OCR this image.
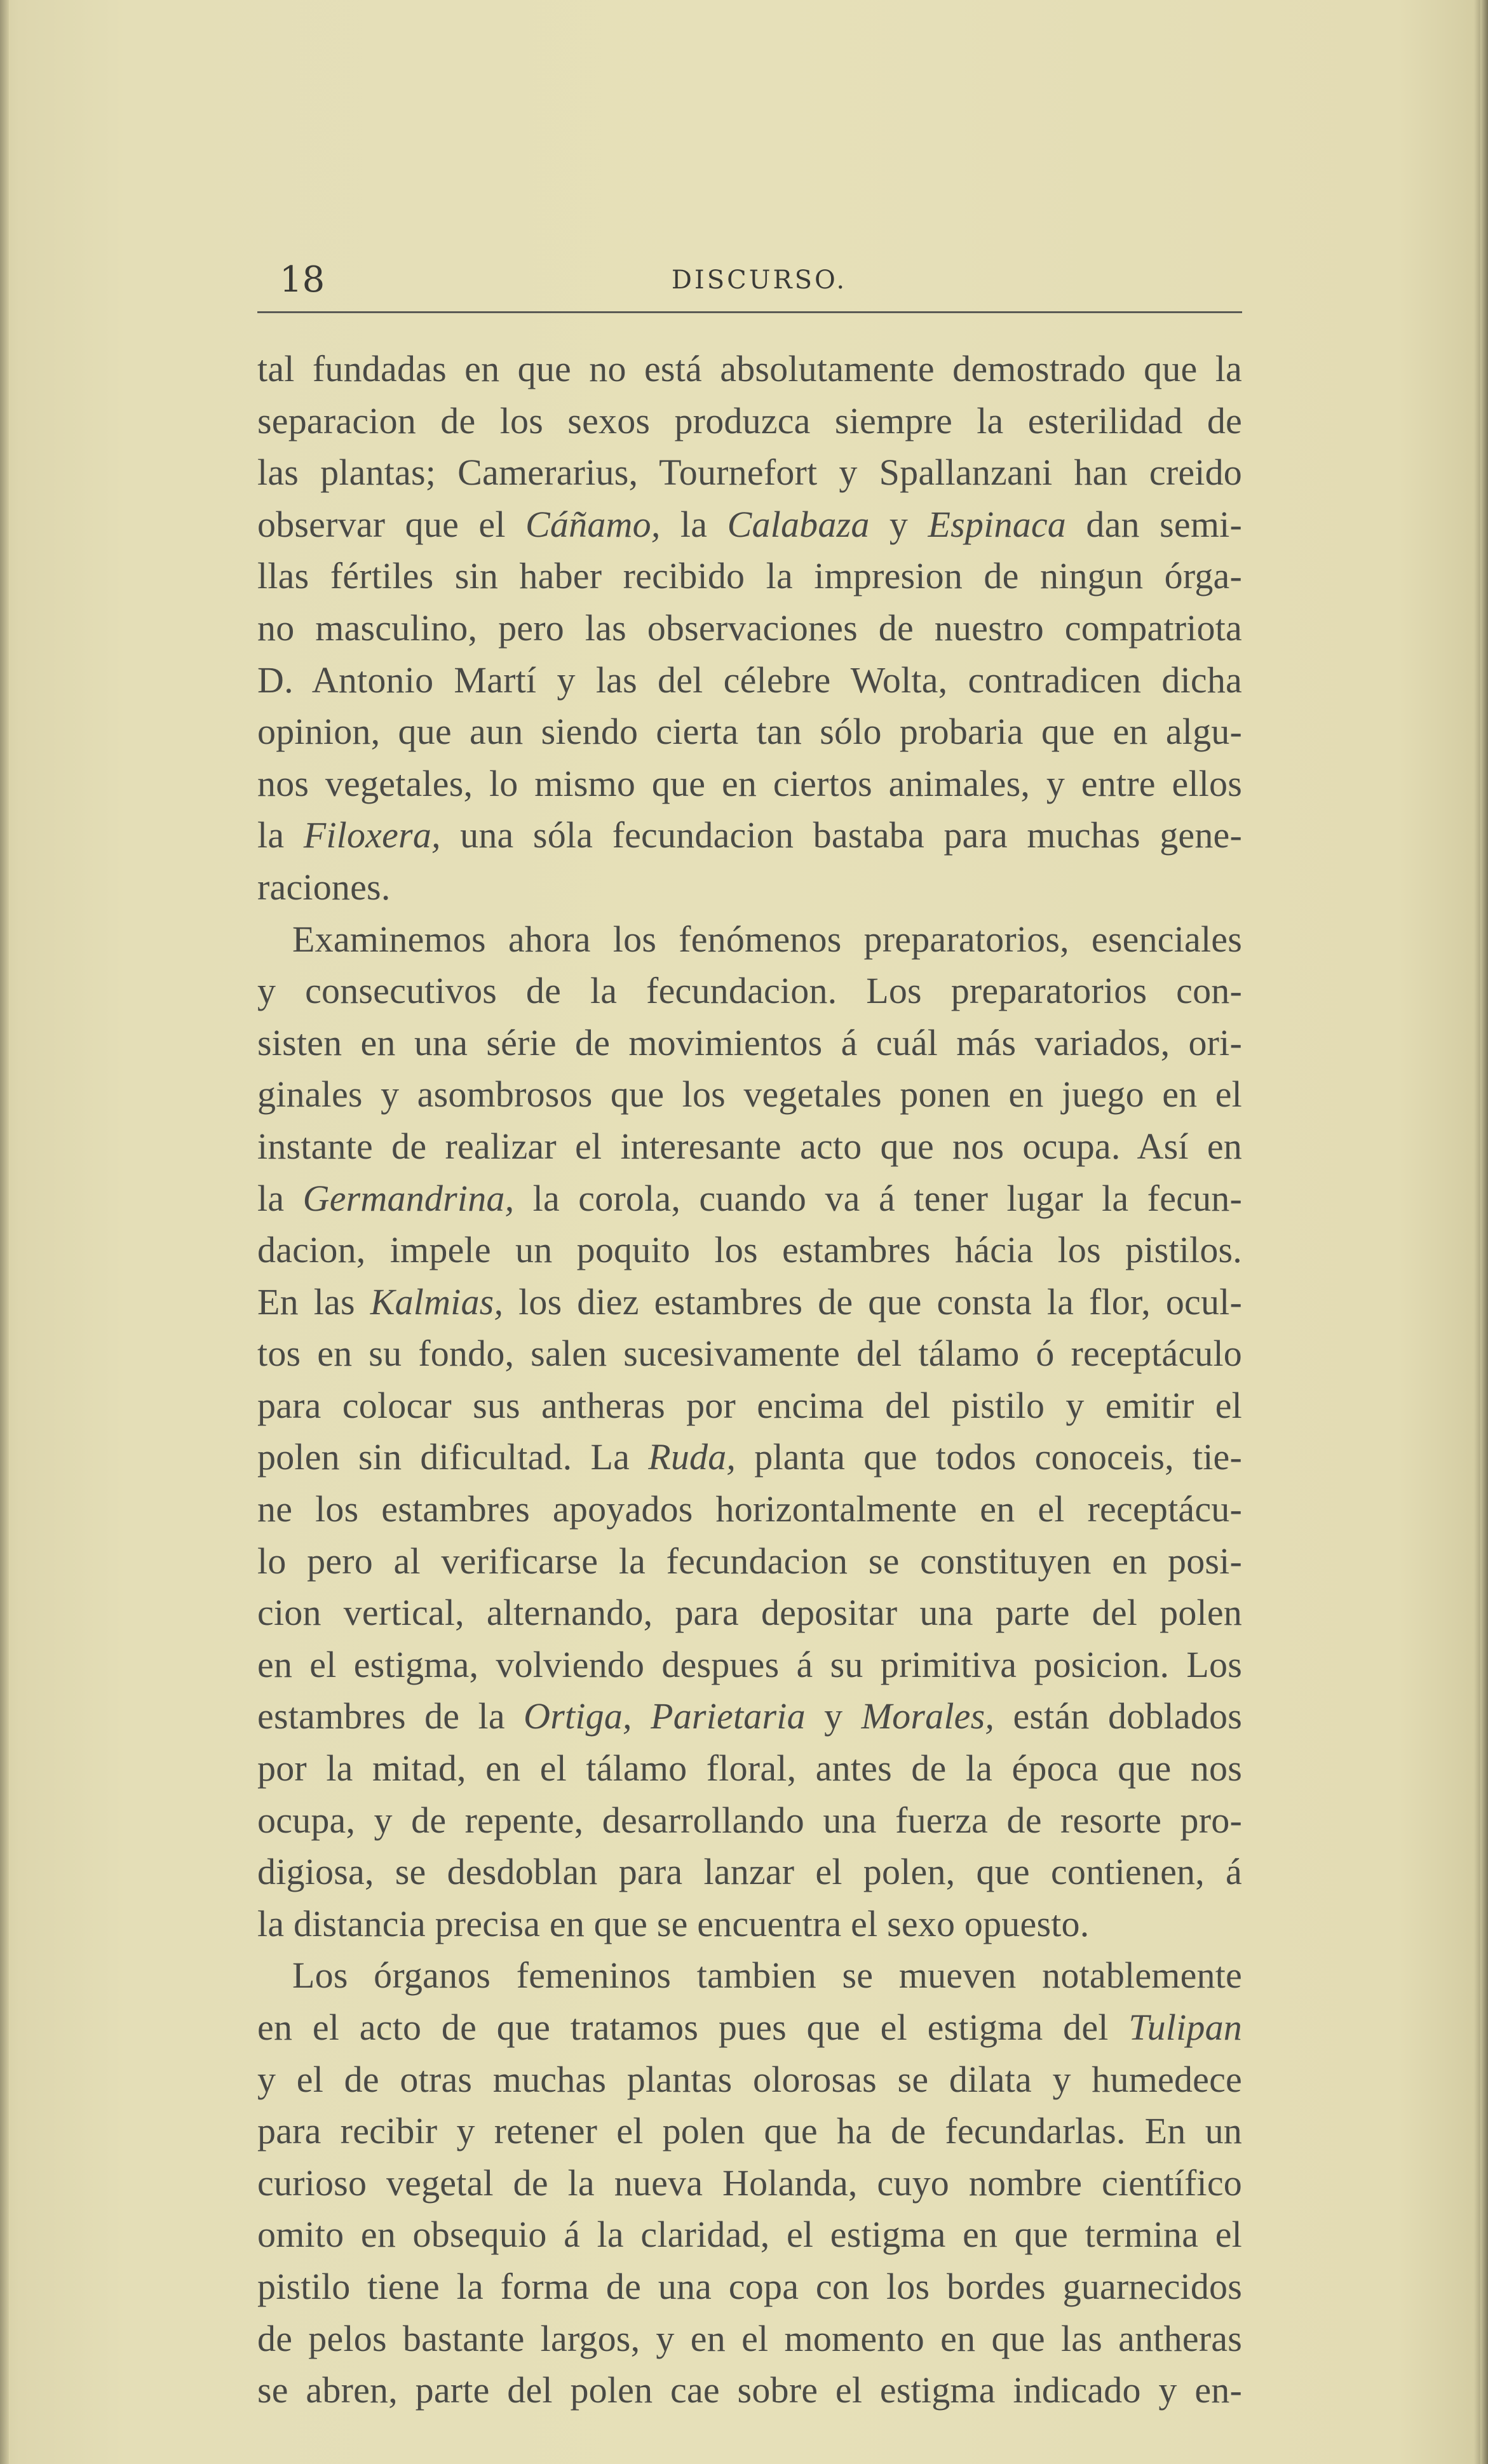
18	DISCURSO.
tal fundadas en que no está absolutamente demostrado que la
separacion de los sexos produzca siempre la esterilidad de
las plantas; Camerarius, Tournefort y Spallanzani han creido
observar que el Cáñamo, la Calabaza y Espinaca dan semi-
llas fértiles sin haber recibido la impresion de ningun órga-
no masculino, pero las observaciones de nuestro compatriota
D. Antonio Martí y las del célebre Wolta, contradicen dicha
opinion, que aun siendo cierta tan sólo probaria que en algu-
nos vegetales, lo mismo que en ciertos animales, y entre ellos
la Filoxera, una sóla fecundacion bastaba para muchas gene-
raciones.
Examinemos ahora los fenómenos preparatorios, esenciales
y consecutivos de la fecundacion. Los preparatorios con-
sisten en una série de movimientos á cuál más variados, ori-
ginales y asombrosos que los vegetales ponen en juego en el
instante de realizar el interesante acto que nos ocupa. Así en
la Germandrina, la corola, cuando va á tener lugar la fecun-
dacion, impele un poquito los estambres hácia los pistilos.
En las Kalmias, los diez estambres de que consta la flor, ocul-
tos en su fondo, salen sucesivamente del tálamo ó receptáculo
para colocar sus antheras por encima del pistilo y emitir el
polen sin dificultad. La Ruda, planta que todos conoceis, tie-
ne los estambres apoyados horizontalmente en el receptácu-
lo pero al verificarse la fecundacion se constituyen en posi-
cion vertical, alternando, para depositar una parte del polen
en el estigma, volviendo despues á su primitiva posicion. Los
estambres de la Ortiga, Parietaria y Morales, están doblados
por la mitad, en el tálamo floral, antes de la época que nos
ocupa, y de repente, desarrollando una fuerza de resorte pro-
digiosa, se desdoblan para lanzar el polen, que contienen, á
la distancia precisa en que se encuentra el sexo opuesto.
Los órganos femeninos tambien se mueven notablemente
en el acto de que tratamos pues que el estigma del Tulipan
y el de otras muchas plantas olorosas se dilata y humedece
para recibir y retener el polen que ha de fecundarlas. En un
curioso vegetal de la nueva Holanda, cuyo nombre científico
omito en obsequio á la claridad, el estigma en que termina el
pistilo tiene la forma de una copa con los bordes guarnecidos
de pelos bastante largos, y en el momento en que las antheras
se abren, parte del polen cae sobre el estigma indicado y en-
